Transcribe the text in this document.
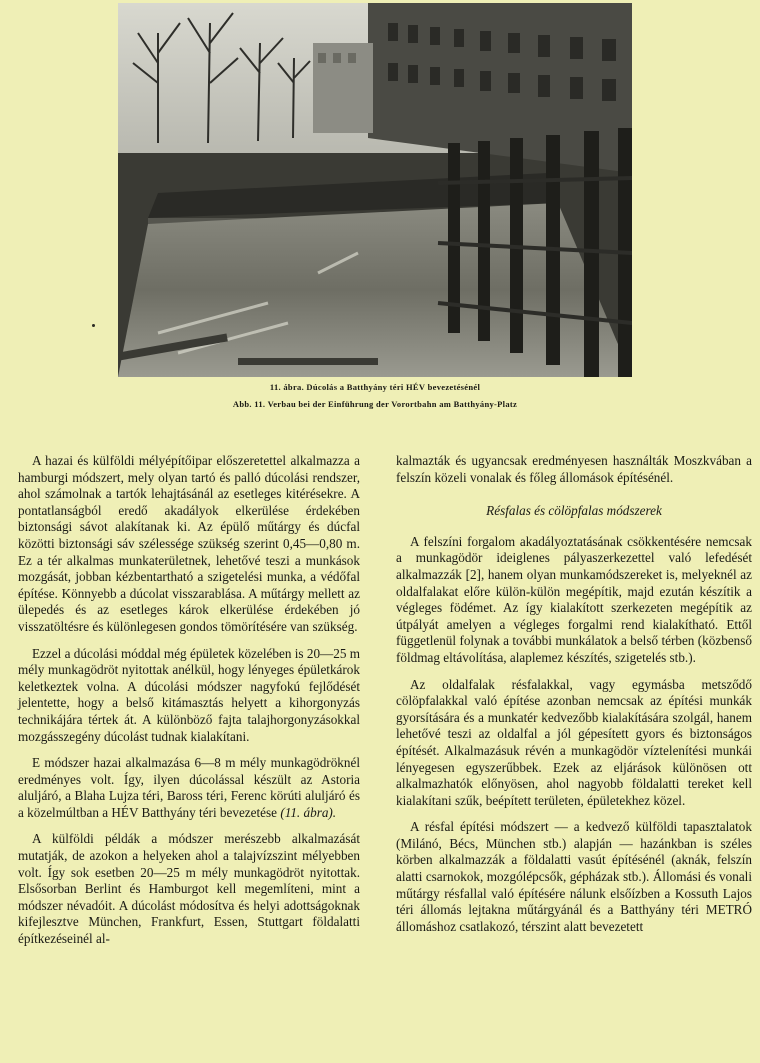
11. ábra. Dúcolás a Batthyány téri HÉV bevezetésénél
Abb. 11. Verbau bei der Einführung der Vorortbahn am Batthyány-Platz

A hazai és külföldi mélyépítőipar előszeretettel alkalmazza a hamburgi módszert, mely olyan tartó és palló dúcolási rendszer, ahol számolnak a tartók lehajtásánál az esetleges kitérésekre. A pontatlanságból eredő akadályok elkerülése érdekében biztonsági sávot alakítanak ki. Az épülő műtárgy és dúcfal közötti biztonsági sáv szélessége szükség szerint 0,45—0,80 m. Ez a tér alkalmas munkaterületnek, lehetővé teszi a munkások mozgását, jobban kézbentartható a szigetelési munka, a védőfal építése. Könnyebb a dúcolat visszarablása. A műtárgy mellett az ülepedés és az esetleges károk elkerülése érdekében jó visszatöltésre és különlegesen gondos tömörítésére van szükség.

Ezzel a dúcolási móddal még épületek közelében is 20—25 m mély munkagödröt nyitottak anélkül, hogy lényeges épületkárok keletkeztek volna. A dúcolási módszer nagyfokú fejlődését jelentette, hogy a belső kitámasztás helyett a kihorgonyzás technikájára tértek át. A különböző fajta talajhorgonyzásokkal mozgásszegény dúcolást tudnak kialakítani.

E módszer hazai alkalmazása 6—8 m mély munkagödröknél eredményes volt. Így, ilyen dúcolással készült az Astoria aluljáró, a Blaha Lujza téri, Baross téri, Ferenc körúti aluljáró és a közelmúltban a HÉV Batthyány téri bevezetése (11. ábra).

A külföldi példák a módszer merészebb alkalmazását mutatják, de azokon a helyeken ahol a talajvízszint mélyebben volt. Így sok esetben 20—25 m mély munkagödröt nyitottak. Elsősorban Berlint és Hamburgot kell megemlíteni, mint a módszer névadóit. A dúcolást módosítva és helyi adottságoknak kifejlesztve München, Frankfurt, Essen, Stuttgart földalatti építkezéseinél al-

kalmazták és ugyancsak eredményesen használták Moszkvában a felszín közeli vonalak és főleg állomások építésénél.

Résfalas és cölöpfalas módszerek

A felszíni forgalom akadályoztatásának csökkentésére nemcsak a munkagödör ideiglenes pályaszerkezettel való lefedését alkalmazzák [2], hanem olyan munkamódszereket is, melyeknél az oldalfalakat előre külön-külön megépítik, majd ezután készítik a végleges födémet. Az így kialakított szerkezeten megépítik az útpályát amelyen a végleges forgalmi rend kialakítható. Ettől függetlenül folynak a további munkálatok a belső térben (közbenső földmag eltávolítása, alaplemez készítés, szigetelés stb.).

Az oldalfalak résfalakkal, vagy egymásba metsződő cölöpfalakkal való építése azonban nemcsak az építési munkák gyorsítására és a munkatér kedvezőbb kialakítására szolgál, hanem lehetővé teszi az oldalfal a jól gépesített gyors és biztonságos építését. Alkalmazásuk révén a munkagödör víztelenítési munkái lényegesen egyszerűbbek. Ezek az eljárások különösen ott alkalmazhatók előnyösen, ahol nagyobb földalatti tereket kell kialakítani szűk, beépített területen, épületekhez közel.

A résfal építési módszert — a kedvező külföldi tapasztalatok (Milánó, Bécs, München stb.) alapján — hazánkban is széles körben alkalmazzák a földalatti vasút építésénél (aknák, felszín alatti csarnokok, mozgólépcsők, gépházak stb.). Állomási és vonali műtárgy résfallal való építésére nálunk elsőízben a Kossuth Lajos téri állomás lejtakna műtárgyánál és a Batthyány téri METRÓ állomáshoz csatlakozó, térszint alatt bevezetett
